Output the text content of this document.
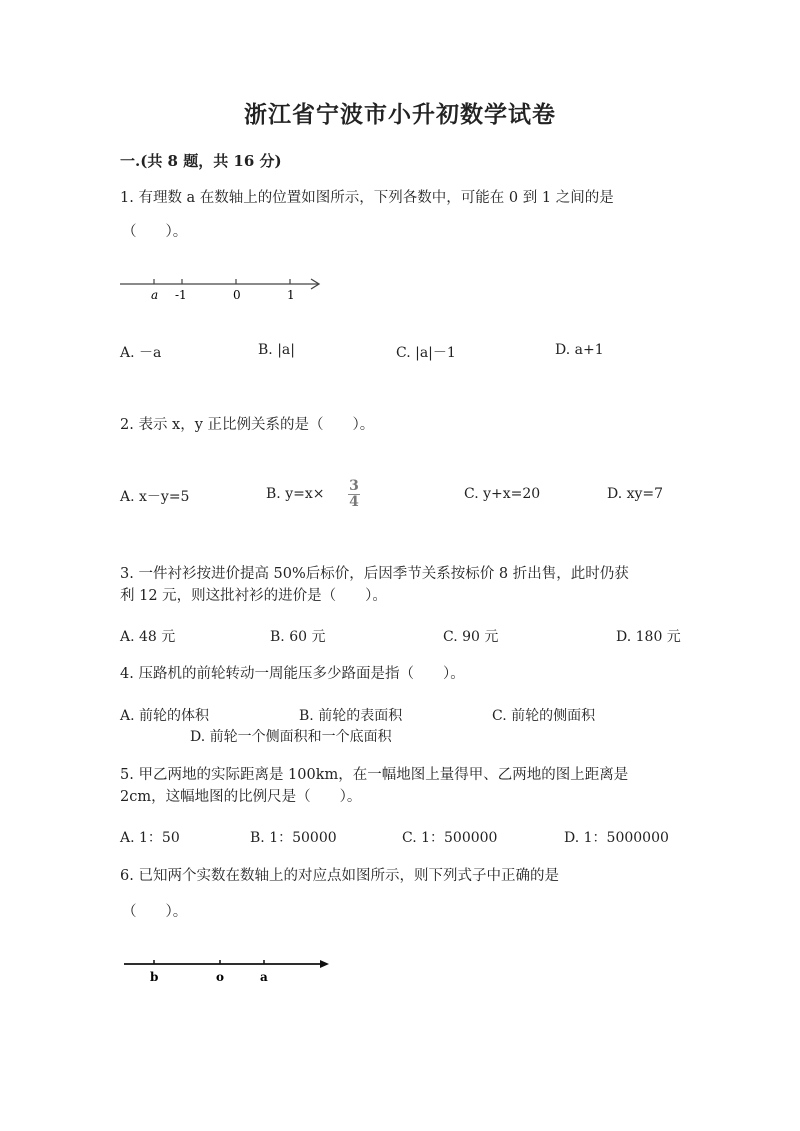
浙江省宁波市小升初数学试卷
一.(共 8 题，共 16 分)
1. 有理数 a 在数轴上的位置如图所示，下列各数中，可能在 0 到 1 之间的是
（　　）。
a -1	0	1
A. －a	B. |a|	C. |a|－1	D. a+1
2. 表示 x，y 正比例关系的是（　　）。
A. x－y=5	B. y=x× 3
4	C. y+x=20	D. xy=7
3. 一件衬衫按进价提高 50%后标价，后因季节关系按标价 8 折出售，此时仍获
利 12 元，则这批衬衫的进价是（　　）。
A. 48 元	B. 60 元	C. 90 元	D. 180 元
4. 压路机的前轮转动一周能压多少路面是指（　　）。
A. 前轮的体积	B. 前轮的表面积	C. 前轮的侧面积
D. 前轮一个侧面积和一个底面积
5. 甲乙两地的实际距离是 100km，在一幅地图上量得甲、乙两地的图上距离是
2cm，这幅地图的比例尺是（　　）。
A. 1：50	B. 1：50000	C. 1：500000	D. 1：5000000
6. 已知两个实数在数轴上的对应点如图所示，则下列式子中正确的是
（　　）。
b	o	a
